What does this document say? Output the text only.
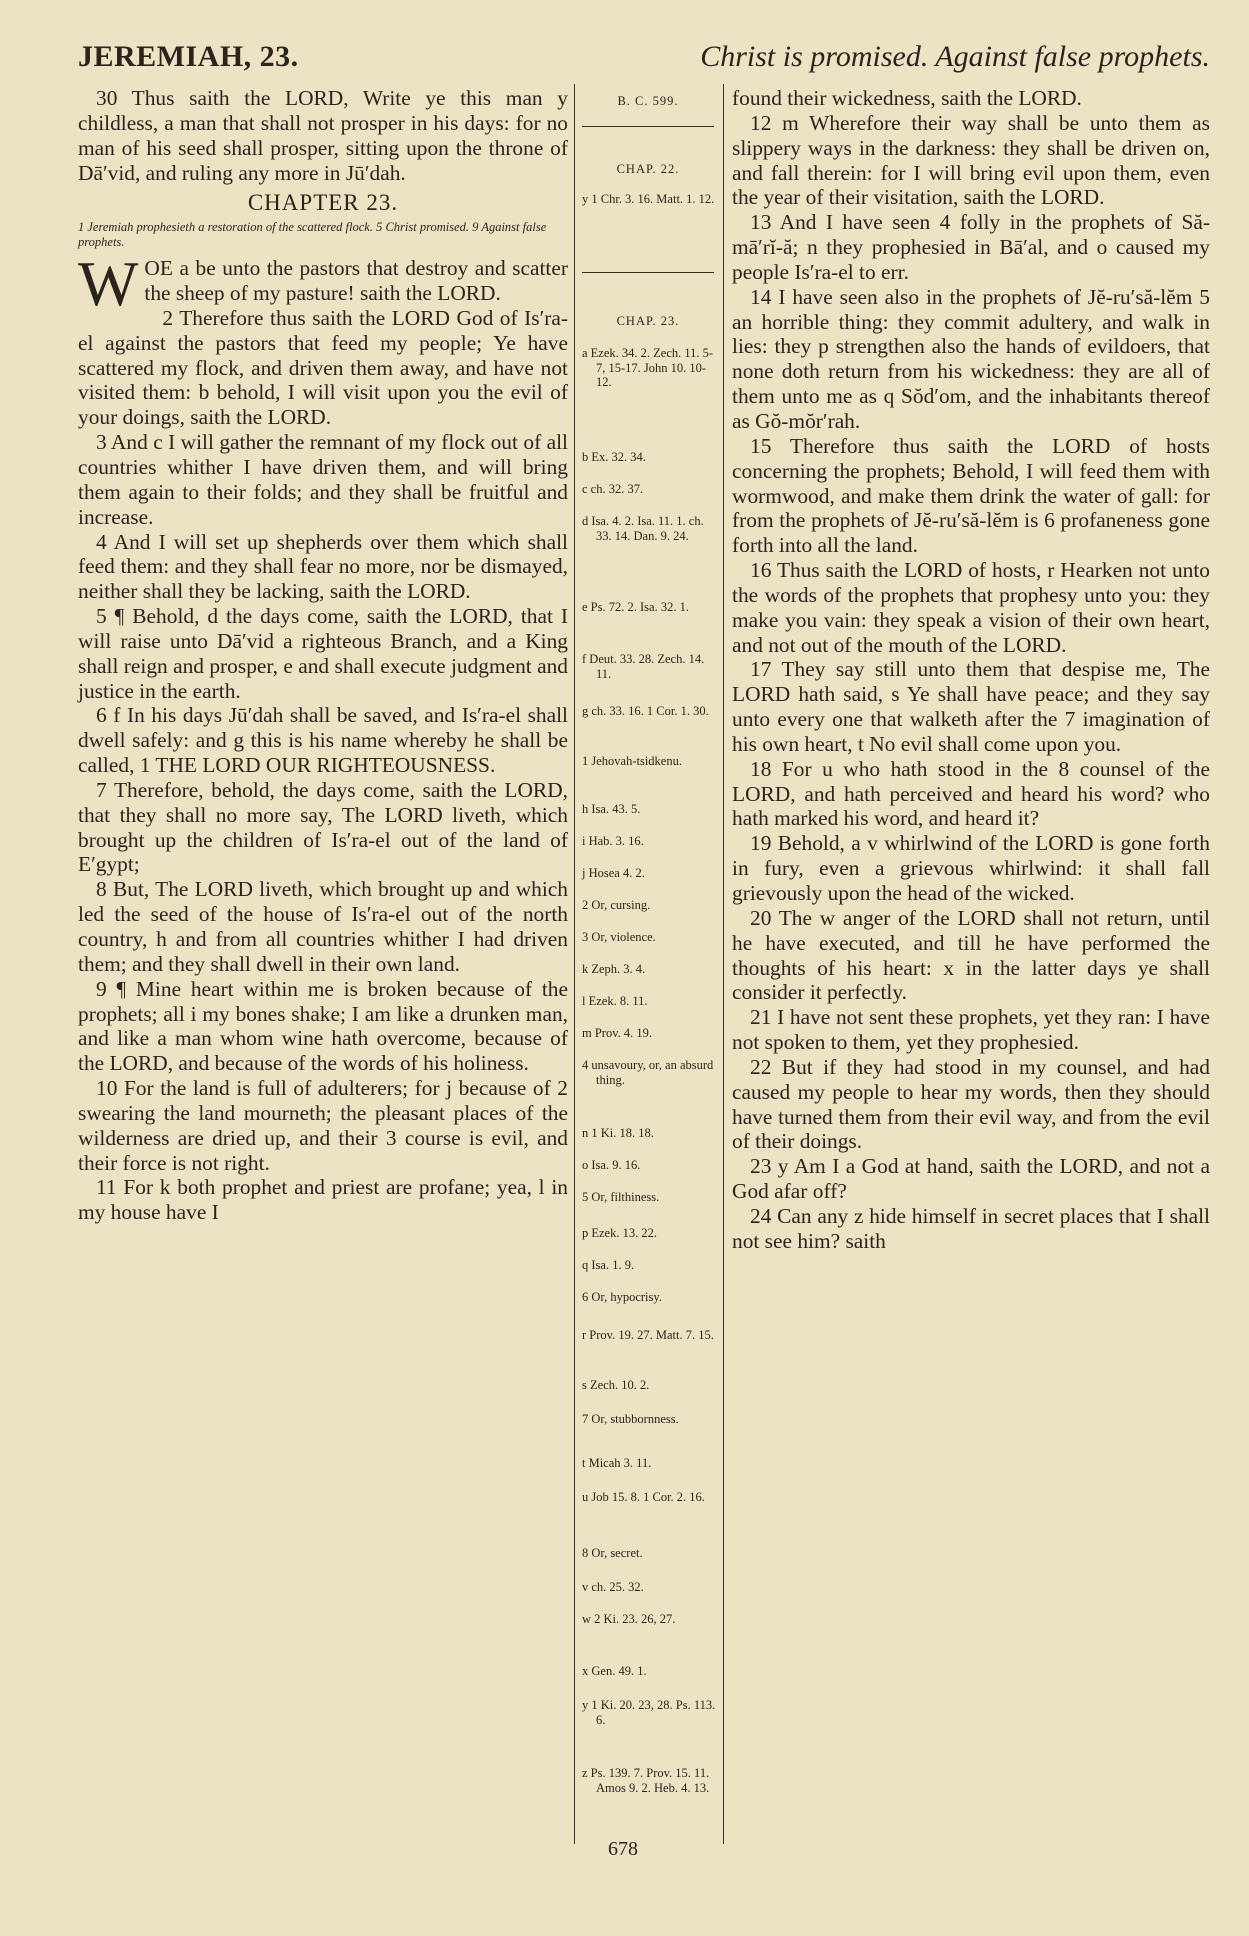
JEREMIAH, 23.	Christ is promised. Against false prophets.

30 Thus saith the LORD, Write ye this man y childless, a man that shall not prosper in his days: for no man of his seed shall prosper, sitting upon the throne of Dā′vid, and ruling any more in Jū′dah.

CHAPTER 23.

1 Jeremiah prophesieth a restoration of the scattered flock. 5 Christ promised. 9 Against false prophets.

WOE a be unto the pastors that destroy and scatter the sheep of my pasture! saith the LORD.

2 Therefore thus saith the LORD God of Is′ra-el against the pastors that feed my people; Ye have scattered my flock, and driven them away, and have not visited them: b behold, I will visit upon you the evil of your doings, saith the LORD.

3 And c I will gather the remnant of my flock out of all countries whither I have driven them, and will bring them again to their folds; and they shall be fruitful and increase.

4 And I will set up shepherds over them which shall feed them: and they shall fear no more, nor be dismayed, neither shall they be lacking, saith the LORD.

5 ¶ Behold, d the days come, saith the LORD, that I will raise unto Dā′vid a righteous Branch, and a King shall reign and prosper, e and shall execute judgment and justice in the earth.

6 f In his days Jū′dah shall be saved, and Is′ra-el shall dwell safely: and g this is his name whereby he shall be called, 1 THE LORD OUR RIGHTEOUSNESS.

7 Therefore, behold, the days come, saith the LORD, that they shall no more say, The LORD liveth, which brought up the children of Is′ra-el out of the land of E′gypt;

8 But, The LORD liveth, which brought up and which led the seed of the house of Is′ra-el out of the north country, h and from all countries whither I had driven them; and they shall dwell in their own land.

9 ¶ Mine heart within me is broken because of the prophets; all i my bones shake; I am like a drunken man, and like a man whom wine hath overcome, because of the LORD, and because of the words of his holiness.

10 For the land is full of adulterers; for j because of 2 swearing the land mourneth; the pleasant places of the wilderness are dried up, and their 3 course is evil, and their force is not right.

11 For k both prophet and priest are profane; yea, l in my house have I

B. C. 599.
CHAP. 22.
CHAP. 23.
y 1 Chr. 3. 16. Matt. 1. 12.
a Ezek. 34. 2. Zech. 11. 5-7, 15-17. John 10. 10-12.
b Ex. 32. 34.
c ch. 32. 37.
d Isa. 4. 2. Isa. 11. 1. ch. 33. 14. Dan. 9. 24.
e Ps. 72. 2. Isa. 32. 1.
f Deut. 33. 28. Zech. 14. 11.
g ch. 33. 16. 1 Cor. 1. 30.
1 Jehovah-tsidkenu.
h Isa. 43. 5.
i Hab. 3. 16.
j Hosea 4. 2.
2 Or, cursing.
3 Or, violence.
k Zeph. 3. 4.
l Ezek. 8. 11.
m Prov. 4. 19.
4 unsavoury, or, an absurd thing.
n 1 Ki. 18. 18.
o Isa. 9. 16.
5 Or, filthiness.
p Ezek. 13. 22.
q Isa. 1. 9.
6 Or, hypocrisy.
r Prov. 19. 27. Matt. 7. 15.
s Zech. 10. 2.
7 Or, stubbornness.
t Micah 3. 11.
u Job 15. 8. 1 Cor. 2. 16.
8 Or, secret.
v ch. 25. 32.
w 2 Ki. 23. 26, 27.
x Gen. 49. 1.
y 1 Ki. 20. 23, 28. Ps. 113. 6.
z Ps. 139. 7. Prov. 15. 11. Amos 9. 2. Heb. 4. 13.

found their wickedness, saith the LORD.

12 m Wherefore their way shall be unto them as slippery ways in the darkness: they shall be driven on, and fall therein: for I will bring evil upon them, even the year of their visitation, saith the LORD.

13 And I have seen 4 folly in the prophets of Să-mā′rĭ-ă; n they prophesied in Bā′al, and o caused my people Is′ra-el to err.

14 I have seen also in the prophets of Jĕ-ru′să-lĕm 5 an horrible thing: they commit adultery, and walk in lies: they p strengthen also the hands of evildoers, that none doth return from his wickedness: they are all of them unto me as q Sŏd′om, and the inhabitants thereof as Gŏ-mŏr′rah.

15 Therefore thus saith the LORD of hosts concerning the prophets; Behold, I will feed them with wormwood, and make them drink the water of gall: for from the prophets of Jĕ-ru′să-lĕm is 6 profaneness gone forth into all the land.

16 Thus saith the LORD of hosts, r Hearken not unto the words of the prophets that prophesy unto you: they make you vain: they speak a vision of their own heart, and not out of the mouth of the LORD.

17 They say still unto them that despise me, The LORD hath said, s Ye shall have peace; and they say unto every one that walketh after the 7 imagination of his own heart, t No evil shall come upon you.

18 For u who hath stood in the 8 counsel of the LORD, and hath perceived and heard his word? who hath marked his word, and heard it?

19 Behold, a v whirlwind of the LORD is gone forth in fury, even a grievous whirlwind: it shall fall grievously upon the head of the wicked.

20 The w anger of the LORD shall not return, until he have executed, and till he have performed the thoughts of his heart: x in the latter days ye shall consider it perfectly.

21 I have not sent these prophets, yet they ran: I have not spoken to them, yet they prophesied.

22 But if they had stood in my counsel, and had caused my people to hear my words, then they should have turned them from their evil way, and from the evil of their doings.

23 y Am I a God at hand, saith the LORD, and not a God afar off?

24 Can any z hide himself in secret places that I shall not see him? saith

678
